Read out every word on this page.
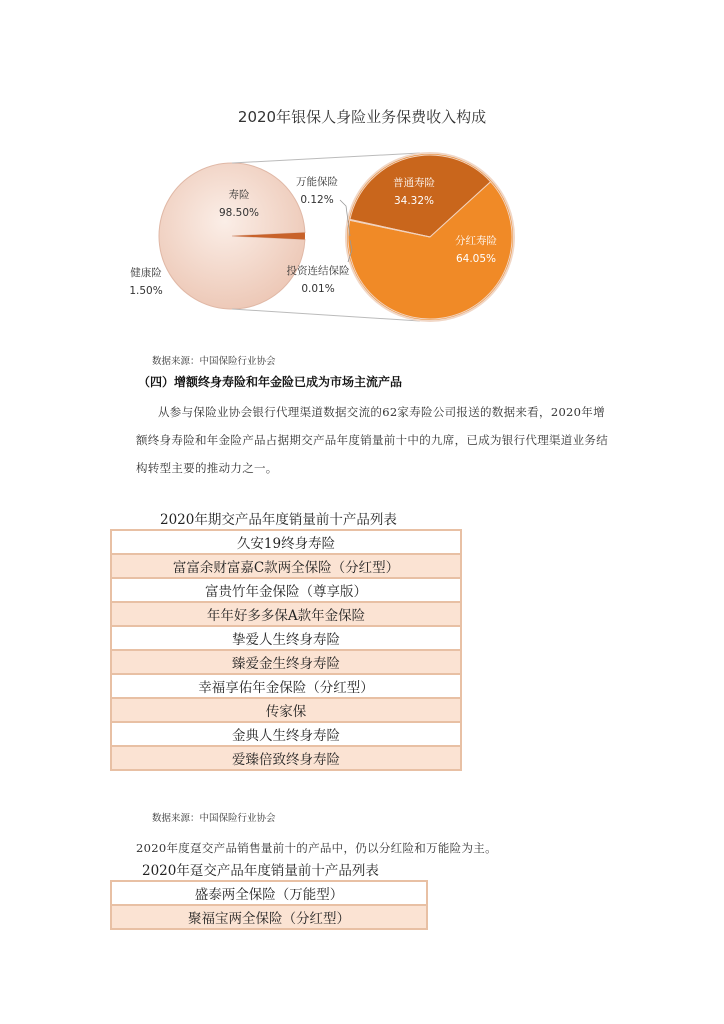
2020年银保人身险业务保费收入构成
寿险
98.50%
健康险
1.50%
普通寿险
34.32%
分红寿险
64.05%
万能保险
0.12%
投资连结保险
0.01%
数据来源：中国保险行业协会
（四）增额终身寿险和年金险已成为市场主流产品
从参与保险业协会银行代理渠道数据交流的62家寿险公司报送的数据来看，2020年增额终身寿险和年金险产品占据期交产品年度销量前十中的九席，已成为银行代理渠道业务结构转型主要的推动力之一。
2020年期交产品年度销量前十产品列表
久安19终身寿险
富富余财富嘉C款两全保险（分红型）
富贵竹年金保险（尊享版）
年年好多多保A款年金保险
挚爱人生终身寿险
臻爱金生终身寿险
幸福享佑年金保险（分红型）
传家保
金典人生终身寿险
爱臻倍致终身寿险
数据来源：中国保险行业协会
2020年度趸交产品销售量前十的产品中，仍以分红险和万能险为主。
2020年趸交产品年度销量前十产品列表
盛泰两全保险（万能型）
聚福宝两全保险（分红型）
